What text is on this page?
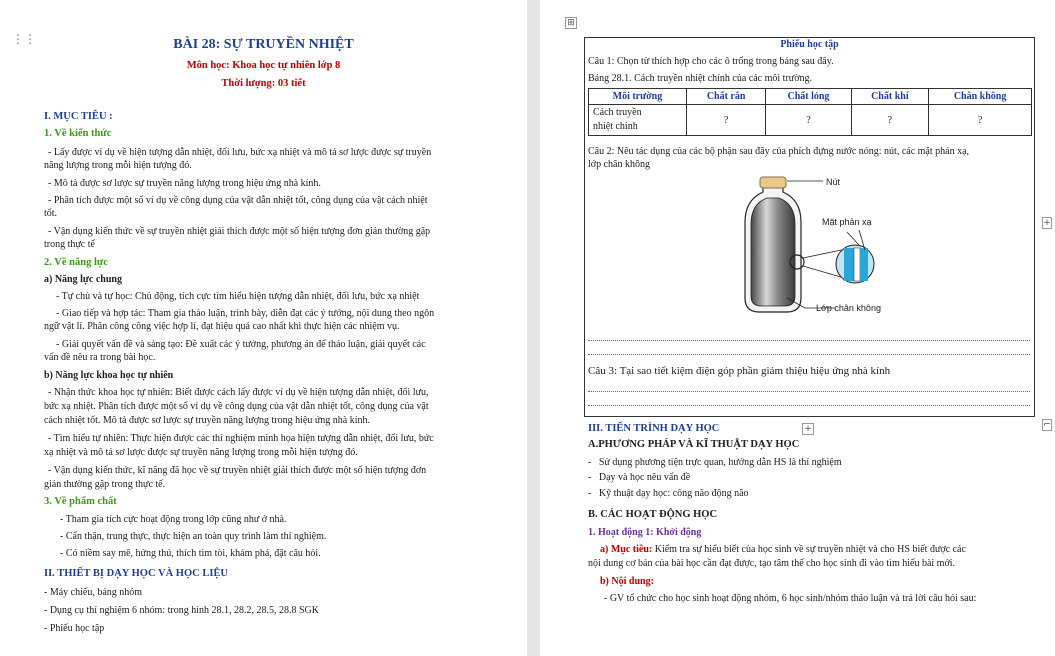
⋮⋮	BÀI 28: SỰ TRUYỀN NHIỆT
Môn học: Khoa học tự nhiên lớp 8
Thời lượng: 03 tiết
I. MỤC TIÊU :
1. Về kiến thức
- Lấy được ví dụ về hiện tượng dẫn nhiệt, đối lưu, bức xạ nhiệt và mô tả sơ lược được sự truyền
năng lượng trong mỗi hiện tượng đó.
- Mô tả được sơ lược sự truyền năng lượng trong hiệu ứng nhà kính.
- Phân tích được một số ví dụ về công dụng của vật dẫn nhiệt tốt, công dụng của vật cách nhiệt
tốt.
- Vận dụng kiến thức về sự truyền nhiệt giải thích được một số hiện tượng đơn giản thường gặp
trong thực tế
2. Về năng lực
a) Năng lực chung
- Tự chủ và tự học: Chủ động, tích cực tìm hiểu hiện tượng dẫn nhiệt, đối lưu, bức xạ nhiệt
- Giao tiếp và hợp tác: Tham gia thảo luận, trình bày, diễn đạt các ý tưởng, nội dung theo ngôn
ngữ vật lí. Phân công công việc hợp lí, đạt hiệu quả cao nhất khi thực hiện các nhiệm vụ.
- Giải quyết vấn đề và sáng tạo: Đề xuất các ý tưởng, phương án để thảo luận, giải quyết các
vấn đề nêu ra trong bài học.
b) Năng lực khoa học tự nhiên
- Nhận thức khoa học tự nhiên: Biết được cách lấy được ví dụ về hiện tượng dẫn nhiệt, đối lưu,
bức xạ nhiệt. Phân tích được một số ví dụ về công dụng của vật dẫn nhiệt tốt, công dụng của vật
cách nhiệt tốt. Mô tả được sơ lược sự truyền năng lượng trong hiệu ứng nhà kính.
- Tìm hiểu tự nhiên: Thực hiện được các thí nghiệm minh họa hiện tượng dẫn nhiệt, đối lưu, bức
xạ nhiệt và mô tả sơ lược được sự truyền năng lượng trong mỗi hiện tượng đó.
- Vận dụng kiến thức, kĩ năng đã học về sự truyền nhiệt giải thích được một số hiện tượng đơn
giản thường gặp trong thực tế.
3. Về phẩm chất
- Tham gia tích cực hoạt động trong lớp cũng như ở nhà.
- Cẩn thận, trung thực, thực hiện an toàn quy trình làm thí nghiệm.
- Có niềm say mê, hứng thú, thích tìm tòi, khám phá, đặt câu hỏi.
II. THIẾT BỊ DẠY HỌC VÀ HỌC LIỆU
- Máy chiếu, bảng nhóm
- Dụng cụ thí nghiệm 6 nhóm: trong hình 28.1, 28.2, 28.5, 28.8 SGK
- Phiếu học tập
⊞
Phiếu học tập
Câu 1: Chọn từ thích hợp cho các ô trống trong bảng sau đây.
Bảng 28.1. Cách truyền nhiệt chính của các môi trường.
Môi trường	Chất rắn	Chất lỏng	Chất khí	Chân không
Cách truyền
nhiệt chính	?	?	?	?
Câu 2: Nêu tác dụng của các bộ phận sau đây của phích đựng nước nóng: nút, các mặt phản xạ,
lớp chân không
Nút
Mặt phản xạ
Lớp chân không
Câu 3: Tại sao tiết kiệm điện góp phần giảm thiệu hiệu ứng nhà kính
+
+
⌐
III. TIẾN TRÌNH DẠY HỌC
A.PHƯƠNG PHÁP VÀ KĨ THUẬT DẠY HỌC
-   Sử dụng phương tiện trực quan, hướng dẫn HS là thí nghiệm
-   Dạy và học nêu vấn đề
-   Kỹ thuật dạy học: công não động não
B. CÁC HOẠT ĐỘNG HỌC
1. Hoạt động 1: Khởi động
a) Mục tiêu: Kiểm tra sự hiểu biết của học sinh về sự truyền nhiệt và cho HS biết được các
nội dung cơ bản của bài học cần đạt được, tạo tâm thế cho học sinh đi vào tìm hiểu bài mới.
b) Nội dung:
- GV tổ chức cho học sinh hoạt động nhóm, 6 học sinh/nhóm thảo luận và trả lời câu hỏi sau:
